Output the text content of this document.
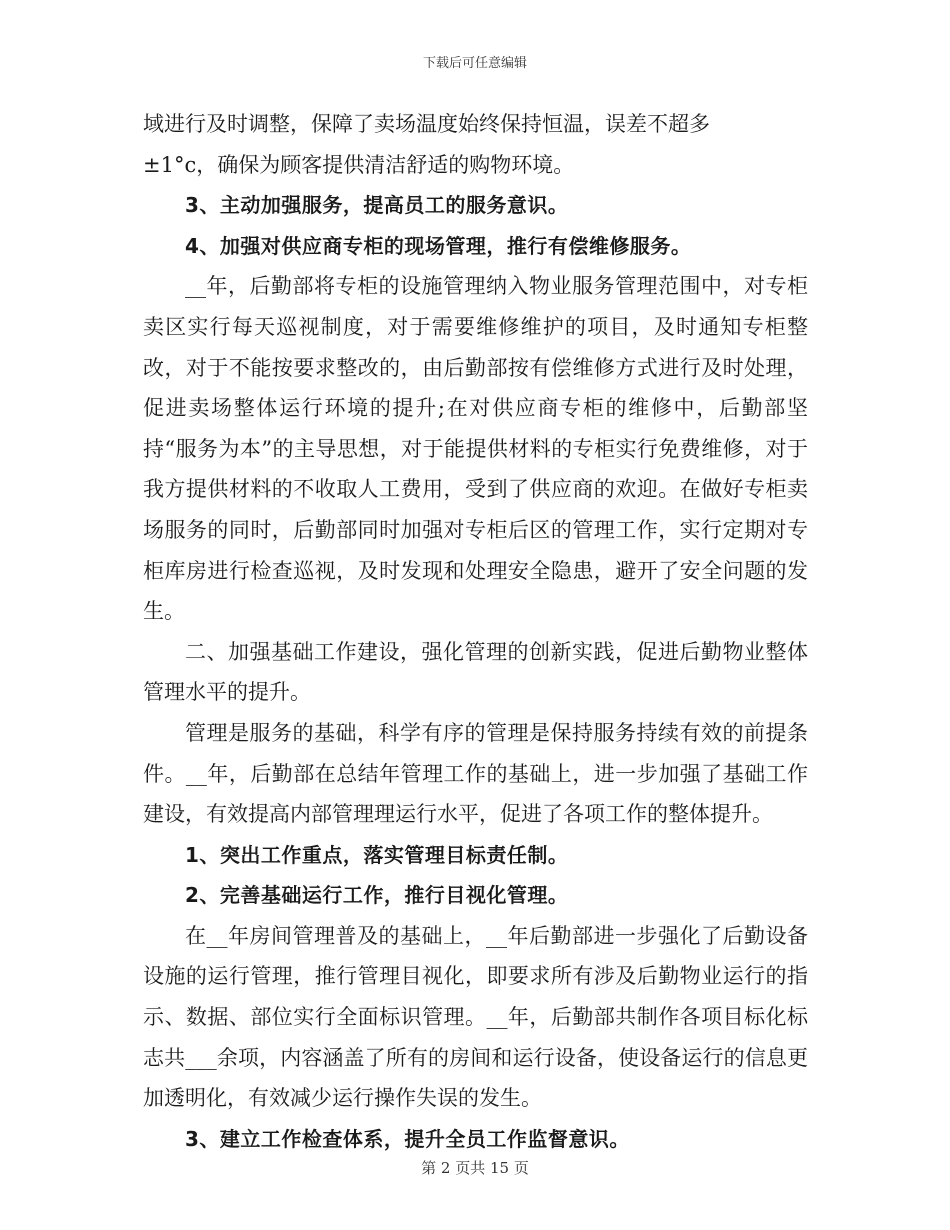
下载后可任意编辑

域进行及时调整，保障了卖场温度始终保持恒温，误差不超多
±1°c，确保为顾客提供清洁舒适的购物环境。

3、主动加强服务，提高员工的服务意识。

4、加强对供应商专柜的现场管理，推行有偿维修服务。

__年，后勤部将专柜的设施管理纳入物业服务管理范围中，对专柜卖区实行每天巡视制度，对于需要维修维护的项目，及时通知专柜整改，对于不能按要求整改的，由后勤部按有偿维修方式进行及时处理，促进卖场整体运行环境的提升;在对供应商专柜的维修中，后勤部坚持“服务为本”的主导思想，对于能提供材料的专柜实行免费维修，对于我方提供材料的不收取人工费用，受到了供应商的欢迎。在做好专柜卖场服务的同时，后勤部同时加强对专柜后区的管理工作，实行定期对专柜库房进行检查巡视，及时发现和处理安全隐患，避开了安全问题的发生。

二、加强基础工作建设，强化管理的创新实践，促进后勤物业整体管理水平的提升。

管理是服务的基础，科学有序的管理是保持服务持续有效的前提条件。__年，后勤部在总结年管理工作的基础上，进一步加强了基础工作建设，有效提高内部管理理运行水平，促进了各项工作的整体提升。

1、突出工作重点，落实管理目标责任制。

2、完善基础运行工作，推行目视化管理。

在__年房间管理普及的基础上，__年后勤部进一步强化了后勤设备设施的运行管理，推行管理目视化，即要求所有涉及后勤物业运行的指示、数据、部位实行全面标识管理。__年，后勤部共制作各项目标化标志共___余项，内容涵盖了所有的房间和运行设备，使设备运行的信息更加透明化，有效减少运行操作失误的发生。

3、建立工作检查体系，提升全员工作监督意识。

第 2 页共 15 页
